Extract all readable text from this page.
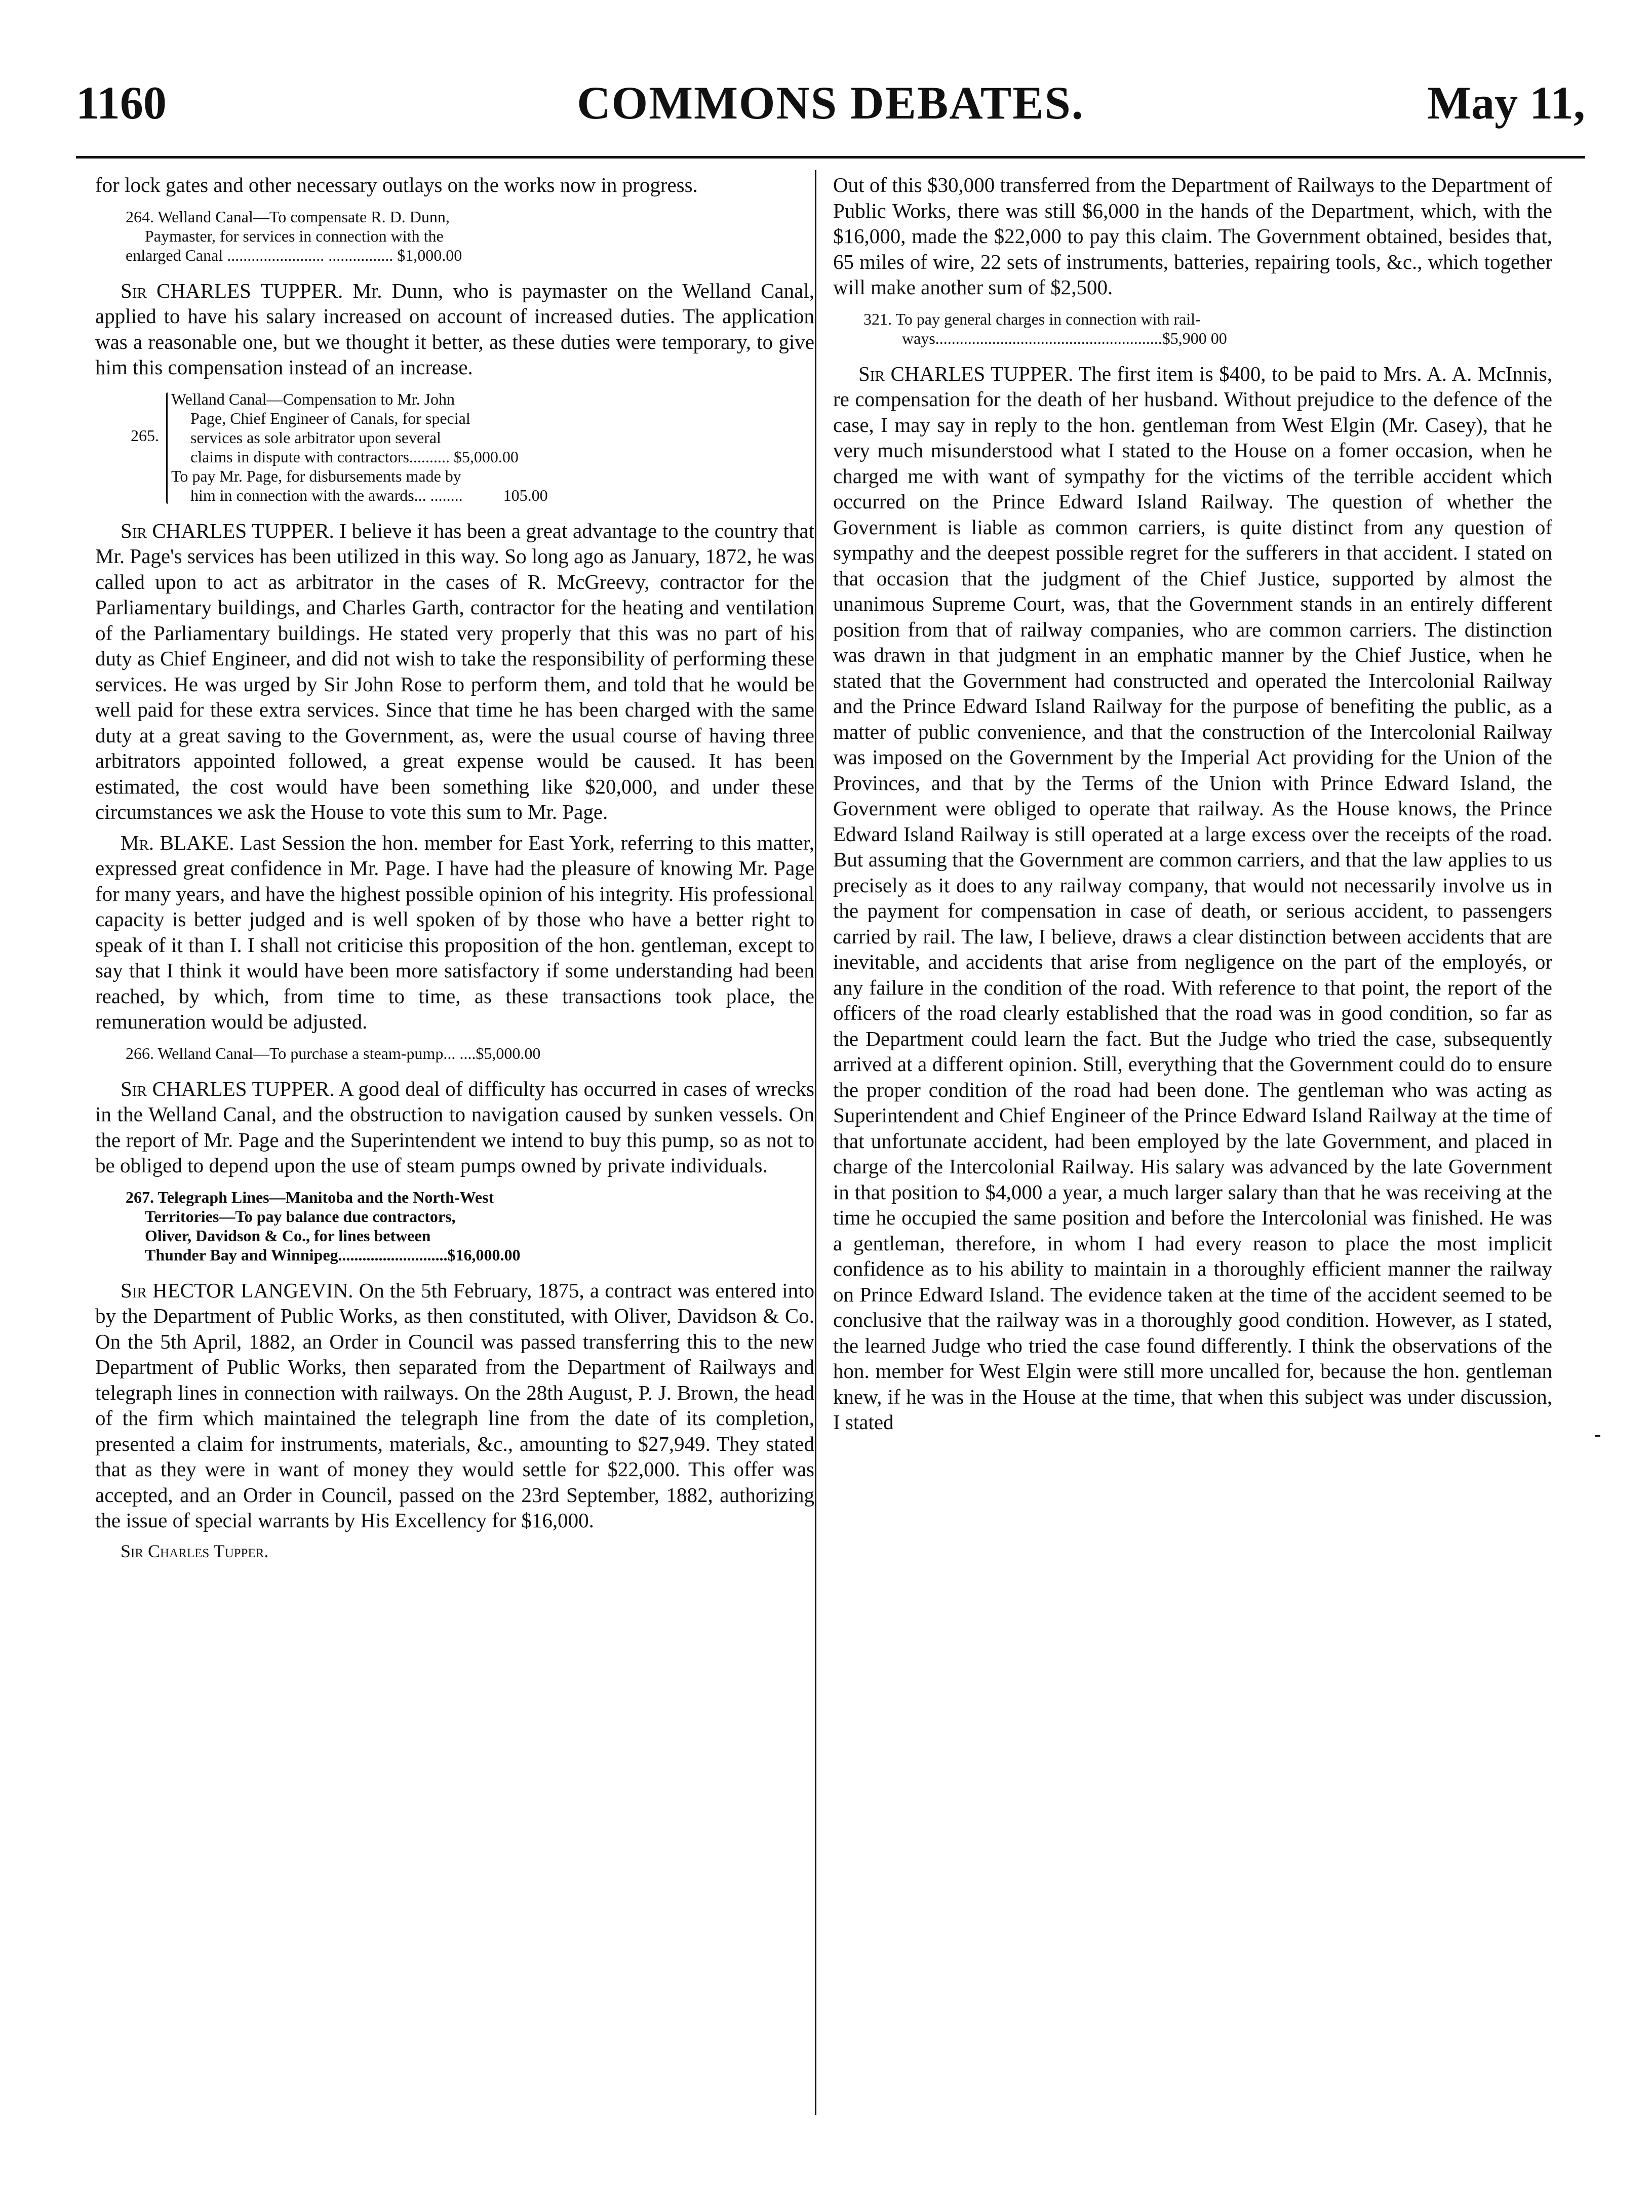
1160	COMMONS DEBATES.	May 11,

for lock gates and other necessary outlays on the works now in progress.

264. Welland Canal—To compensate R. D. Dunn,
Paymaster, for services in connection with the
enlarged Canal ........................ ................ $1,000.00

Sir CHARLES TUPPER. Mr. Dunn, who is paymaster on the Welland Canal, applied to have his salary increased on account of increased duties. The application was a reasonable one, but we thought it better, as these duties were temporary, to give him this compensation instead of an increase.

265.
Welland Canal—Compensation to Mr. John
Page, Chief Engineer of Canals, for special
services as sole arbitrator upon several
claims in dispute with contractors.......... $5,000.00
To pay Mr. Page, for disbursements made by
him in connection with the awards... ........          105.00

Sir CHARLES TUPPER. I believe it has been a great advantage to the country that Mr. Page's services has been utilized in this way. So long ago as January, 1872, he was called upon to act as arbitrator in the cases of R. McGreevy, contractor for the Parliamentary buildings, and Charles Garth, contractor for the heating and ventilation of the Parliamentary buildings. He stated very properly that this was no part of his duty as Chief Engineer, and did not wish to take the responsibility of performing these services. He was urged by Sir John Rose to perform them, and told that he would be well paid for these extra services. Since that time he has been charged with the same duty at a great saving to the Government, as, were the usual course of having three arbitrators appointed followed, a great expense would be caused. It has been estimated, the cost would have been something like $20,000, and under these circumstances we ask the House to vote this sum to Mr. Page.

Mr. BLAKE. Last Session the hon. member for East York, referring to this matter, expressed great confidence in Mr. Page. I have had the pleasure of knowing Mr. Page for many years, and have the highest possible opinion of his integrity. His professional capacity is better judged and is well spoken of by those who have a better right to speak of it than I. I shall not criticise this proposition of the hon. gentleman, except to say that I think it would have been more satisfactory if some understanding had been reached, by which, from time to time, as these transactions took place, the remuneration would be adjusted.

266. Welland Canal—To purchase a steam-pump... ....$5,000.00

Sir CHARLES TUPPER. A good deal of difficulty has occurred in cases of wrecks in the Welland Canal, and the obstruction to navigation caused by sunken vessels. On the report of Mr. Page and the Superintendent we intend to buy this pump, so as not to be obliged to depend upon the use of steam pumps owned by private individuals.

267. Telegraph Lines—Manitoba and the North-West
Territories—To pay balance due contractors,
Oliver, Davidson & Co., for lines between
Thunder Bay and Winnipeg...........................$16,000.00

Sir HECTOR LANGEVIN. On the 5th February, 1875, a contract was entered into by the Department of Public Works, as then constituted, with Oliver, Davidson & Co. On the 5th April, 1882, an Order in Council was passed transferring this to the new Department of Public Works, then separated from the Department of Railways and telegraph lines in connection with railways. On the 28th August, P. J. Brown, the head of the firm which maintained the telegraph line from the date of its completion, presented a claim for instruments, materials, &c., amounting to $27,949. They stated that as they were in want of money they would settle for $22,000. This offer was accepted, and an Order in Council, passed on the 23rd September, 1882, authorizing the issue of special warrants by His Excellency for $16,000.

Sir Charles Tupper.

Out of this $30,000 transferred from the Department of Railways to the Department of Public Works, there was still $6,000 in the hands of the Department, which, with the $16,000, made the $22,000 to pay this claim. The Government obtained, besides that, 65 miles of wire, 22 sets of instruments, batteries, repairing tools, &c., which together will make another sum of $2,500.

321. To pay general charges in connection with rail-
ways........................................................$5,900 00

Sir CHARLES TUPPER. The first item is $400, to be paid to Mrs. A. A. McInnis, re compensation for the death of her husband. Without prejudice to the defence of the case, I may say in reply to the hon. gentleman from West Elgin (Mr. Casey), that he very much misunderstood what I stated to the House on a fomer occasion, when he charged me with want of sympathy for the victims of the terrible accident which occurred on the Prince Edward Island Railway. The question of whether the Government is liable as common carriers, is quite distinct from any question of sympathy and the deepest possible regret for the sufferers in that accident. I stated on that occasion that the judgment of the Chief Justice, supported by almost the unanimous Supreme Court, was, that the Government stands in an entirely different position from that of railway companies, who are common carriers. The distinction was drawn in that judgment in an emphatic manner by the Chief Justice, when he stated that the Government had constructed and operated the Intercolonial Railway and the Prince Edward Island Railway for the purpose of benefiting the public, as a matter of public convenience, and that the construction of the Intercolonial Railway was imposed on the Government by the Imperial Act providing for the Union of the Provinces, and that by the Terms of the Union with Prince Edward Island, the Government were obliged to operate that railway. As the House knows, the Prince Edward Island Railway is still operated at a large excess over the receipts of the road. But assuming that the Government are common carriers, and that the law applies to us precisely as it does to any railway company, that would not necessarily involve us in the payment for compensation in case of death, or serious accident, to passengers carried by rail. The law, I believe, draws a clear distinction between accidents that are inevitable, and accidents that arise from negligence on the part of the employés, or any failure in the condition of the road. With reference to that point, the report of the officers of the road clearly established that the road was in good condition, so far as the Department could learn the fact. But the Judge who tried the case, subsequently arrived at a different opinion. Still, everything that the Government could do to ensure the proper condition of the road had been done. The gentleman who was acting as Superintendent and Chief Engineer of the Prince Edward Island Railway at the time of that unfortunate accident, had been employed by the late Government, and placed in charge of the Intercolonial Railway. His salary was advanced by the late Government in that position to $4,000 a year, a much larger salary than that he was receiving at the time he occupied the same position and before the Intercolonial was finished. He was a gentleman, therefore, in whom I had every reason to place the most implicit confidence as to his ability to maintain in a thoroughly efficient manner the railway on Prince Edward Island. The evidence taken at the time of the accident seemed to be conclusive that the railway was in a thoroughly good condition. However, as I stated, the learned Judge who tried the case found differently. I think the observations of the hon. member for West Elgin were still more uncalled for, because the hon. gentleman knew, if he was in the House at the time, that when this subject was under discussion, I stated

-
